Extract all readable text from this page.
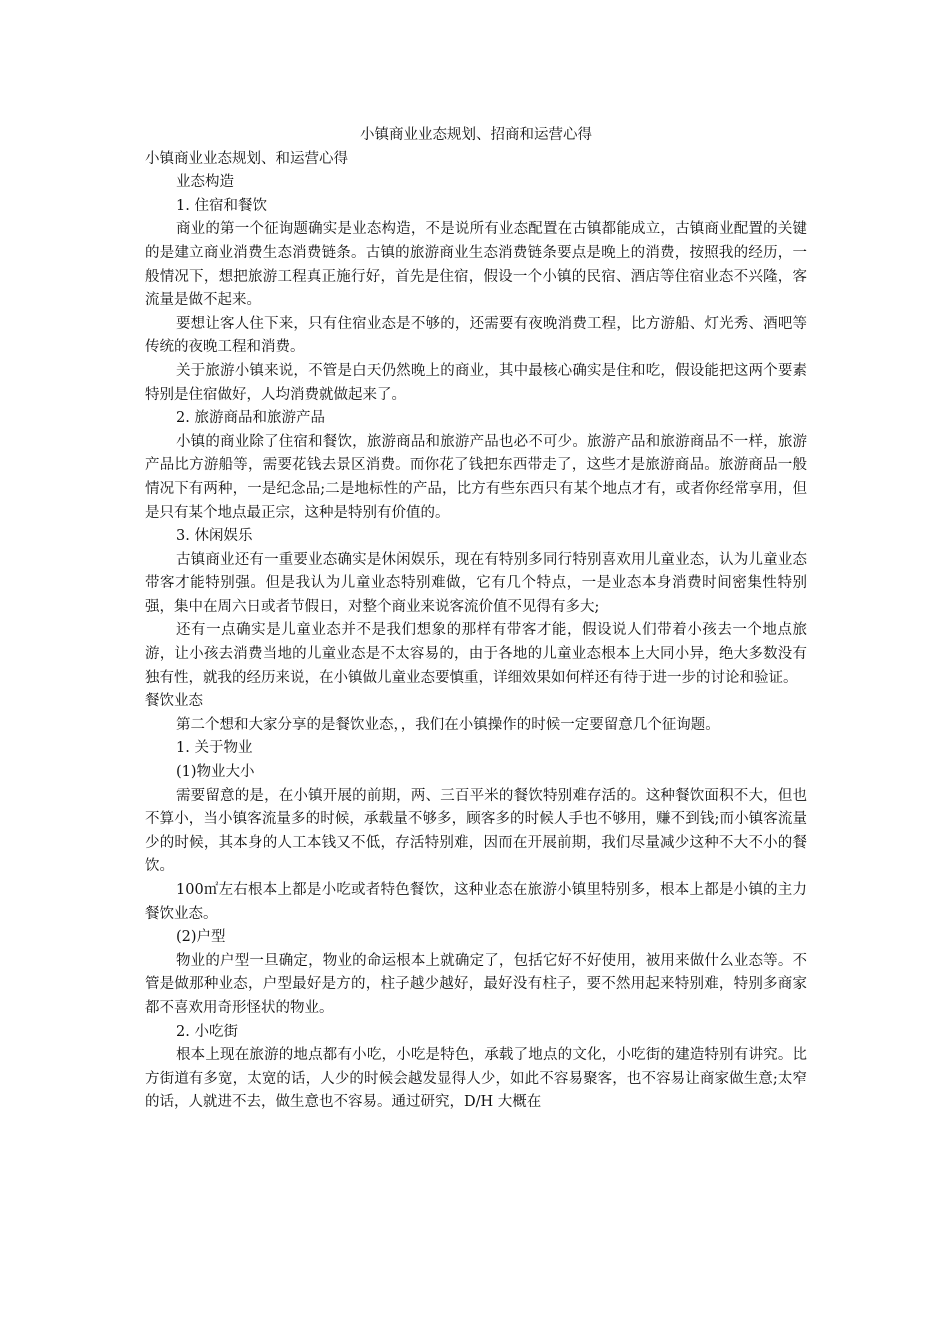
小镇商业业态规划、招商和运营心得

小镇商业业态规划、和运营心得

业态构造

1. 住宿和餐饮

商业的第一个征询题确实是业态构造，不是说所有业态配置在古镇都能成立，古镇商业配置的关键的是建立商业消费生态消费链条。古镇的旅游商业生态消费链条要点是晚上的消费，按照我的经历，一般情况下，想把旅游工程真正施行好，首先是住宿，假设一个小镇的民宿、酒店等住宿业态不兴隆，客流量是做不起来。

要想让客人住下来，只有住宿业态是不够的，还需要有夜晚消费工程，比方游船、灯光秀、酒吧等传统的夜晚工程和消费。

关于旅游小镇来说，不管是白天仍然晚上的商业，其中最核心确实是住和吃，假设能把这两个要素特别是住宿做好，人均消费就做起来了。

2. 旅游商品和旅游产品

小镇的商业除了住宿和餐饮，旅游商品和旅游产品也必不可少。旅游产品和旅游商品不一样，旅游产品比方游船等，需要花钱去景区消费。而你花了钱把东西带走了，这些才是旅游商品。旅游商品一般情况下有两种，一是纪念品;二是地标性的产品，比方有些东西只有某个地点才有，或者你经常享用，但是只有某个地点最正宗，这种是特别有价值的。

3. 休闲娱乐

古镇商业还有一重要业态确实是休闲娱乐，现在有特别多同行特别喜欢用儿童业态，认为儿童业态带客才能特别强。但是我认为儿童业态特别难做，它有几个特点，一是业态本身消费时间密集性特别强，集中在周六日或者节假日，对整个商业来说客流价值不见得有多大;

还有一点确实是儿童业态并不是我们想象的那样有带客才能，假设说人们带着小孩去一个地点旅游，让小孩去消费当地的儿童业态是不太容易的，由于各地的儿童业态根本上大同小异，绝大多数没有独有性，就我的经历来说，在小镇做儿童业态要慎重，详细效果如何样还有待于进一步的讨论和验证。

餐饮业态

第二个想和大家分享的是餐饮业态，，我们在小镇操作的时候一定要留意几个征询题。

1. 关于物业

(1)物业大小

需要留意的是，在小镇开展的前期，两、三百平米的餐饮特别难存活的。这种餐饮面积不大，但也不算小，当小镇客流量多的时候，承载量不够多，顾客多的时候人手也不够用，赚不到钱;而小镇客流量少的时候，其本身的人工本钱又不低，存活特别难，因而在开展前期，我们尽量减少这种不大不小的餐饮。

100㎡左右根本上都是小吃或者特色餐饮，这种业态在旅游小镇里特别多，根本上都是小镇的主力餐饮业态。

(2)户型

物业的户型一旦确定，物业的命运根本上就确定了，包括它好不好使用，被用来做什么业态等。不管是做那种业态，户型最好是方的，柱子越少越好，最好没有柱子，要不然用起来特别难，特别多商家都不喜欢用奇形怪状的物业。

2. 小吃街

根本上现在旅游的地点都有小吃，小吃是特色，承载了地点的文化，小吃街的建造特别有讲究。比方街道有多宽，太宽的话，人少的时候会越发显得人少，如此不容易聚客，也不容易让商家做生意;太窄的话，人就进不去，做生意也不容易。通过研究，D/H 大概在
